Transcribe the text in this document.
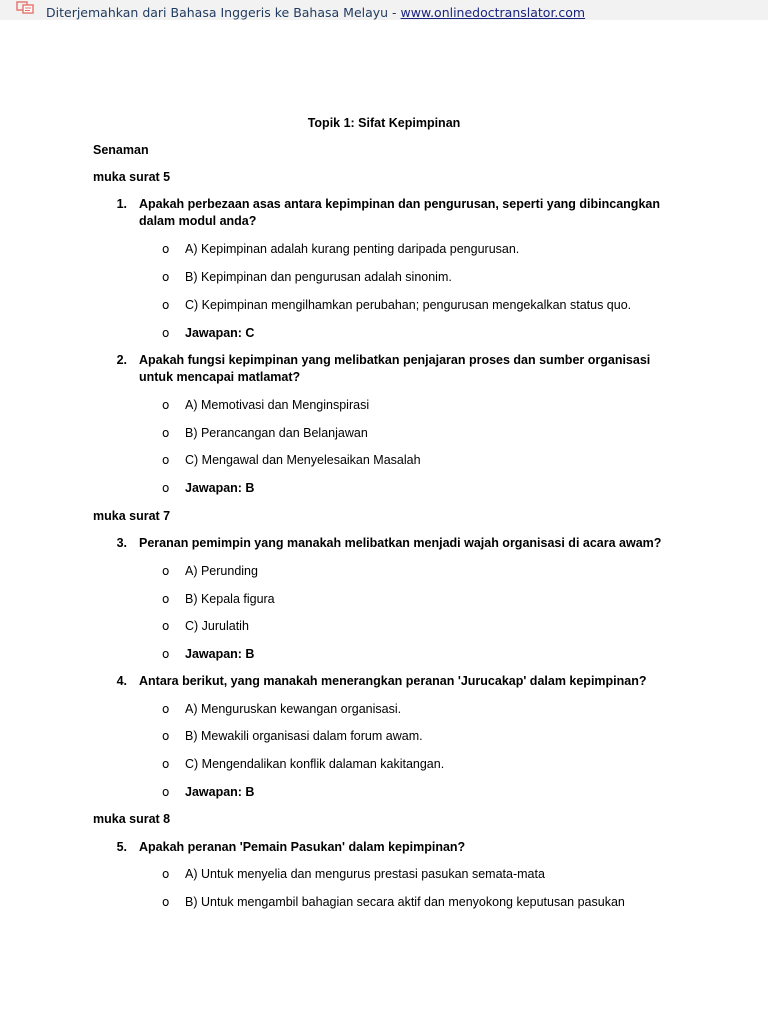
Diterjemahkan dari Bahasa Inggeris ke Bahasa Melayu - www.onlinedoctranslator.com
Topik 1: Sifat Kepimpinan
Senaman
muka surat 5
1. Apakah perbezaan asas antara kepimpinan dan pengurusan, seperti yang dibincangkan dalam modul anda?
o A) Kepimpinan adalah kurang penting daripada pengurusan.
o B) Kepimpinan dan pengurusan adalah sinonim.
o C) Kepimpinan mengilhamkan perubahan; pengurusan mengekalkan status quo.
o Jawapan: C
2. Apakah fungsi kepimpinan yang melibatkan penjajaran proses dan sumber organisasi untuk mencapai matlamat?
o A) Memotivasi dan Menginspirasi
o B) Perancangan dan Belanjawan
o C) Mengawal dan Menyelesaikan Masalah
o Jawapan: B
muka surat 7
3. Peranan pemimpin yang manakah melibatkan menjadi wajah organisasi di acara awam?
o A) Perunding
o B) Kepala figura
o C) Jurulatih
o Jawapan: B
4. Antara berikut, yang manakah menerangkan peranan 'Jurucakap' dalam kepimpinan?
o A) Menguruskan kewangan organisasi.
o B) Mewakili organisasi dalam forum awam.
o C) Mengendalikan konflik dalaman kakitangan.
o Jawapan: B
muka surat 8
5. Apakah peranan 'Pemain Pasukan' dalam kepimpinan?
o A) Untuk menyelia dan mengurus prestasi pasukan semata-mata
o B) Untuk mengambil bahagian secara aktif dan menyokong keputusan pasukan
